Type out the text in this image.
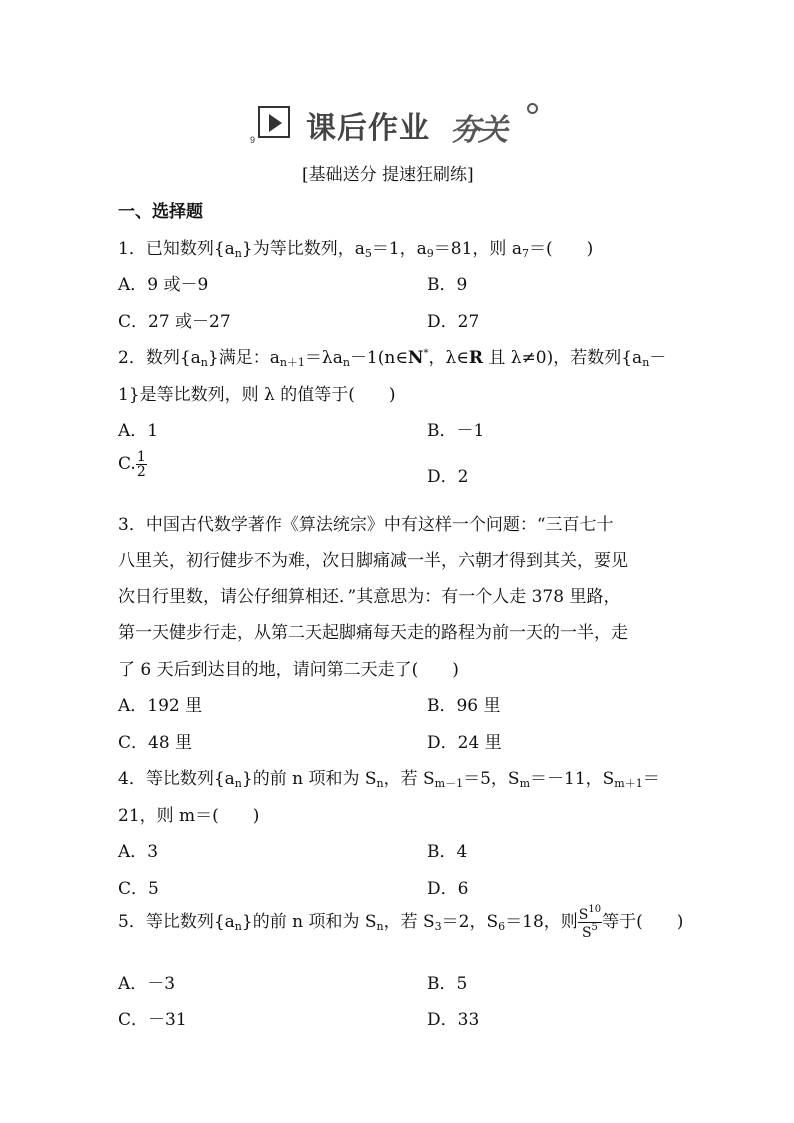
9 课后作业 夯关
[基础送分 提速狂刷练]
一、选择题
1．已知数列$\{a_n\}$为等比数列，$a_5=1$，$a_9=81$，则 $a_7=$(　　)
A．9 或－9	B．9
C．27 或－27	D．27
2．数列$\{a_n\}$满足：$a_{n+1}=\lambda a_n-1(n\in N^*$，λ∈R 且 λ≠0)，若数列{$a_n-$
1}是等比数列，则 λ 的值等于(　　)
A．1	B．－1
C. $\frac{1}{2}$	D．2
3．中国古代数学著作《算法统宗》中有这样一个问题：“三百七十
八里关，初行健步不为难，次日脚痛减一半，六朝才得到其关，要见
次日行里数，请公仔细算相还．”其意思为：有一个人走 378 里路，
第一天健步行走，从第二天起脚痛每天走的路程为前一天的一半，走
了 6 天后到达目的地，请问第二天走了(　　)
A．192 里	B．96 里
C．48 里	D．24 里
4．等比数列$\{a_n\}$的前 n 项和为 $S_n$，若 $S_{m-1}=5$，$S_m=-11$，$S_{m+1}=$
21，则 m＝(　　)
A．3	B．4
C．5	D．6
5．等比数列$\{a_n\}$的前 n 项和为 $S_n$，若 $S_3=2$，$S_6=18$，则 $\frac{S^{10}}{S^5}$ 等于(　　)
A．－3	B．5
C．－31	D．33
